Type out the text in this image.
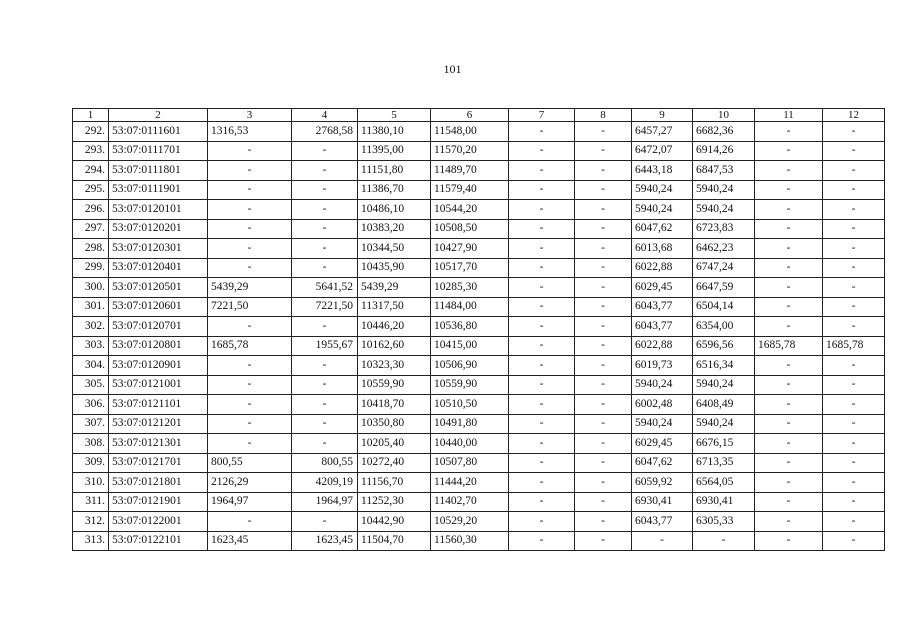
101
1	2	3	4	5	6	7	8	9	10	11	12
292.	53:07:0111601	1316,53	2768,58	11380,10	11548,00	-	-	6457,27	6682,36	-	-
293.	53:07:0111701	-	-	11395,00	11570,20	-	-	6472,07	6914,26	-	-
294.	53:07:0111801	-	-	11151,80	11489,70	-	-	6443,18	6847,53	-	-
295.	53:07:0111901	-	-	11386,70	11579,40	-	-	5940,24	5940,24	-	-
296.	53:07:0120101	-	-	10486,10	10544,20	-	-	5940,24	5940,24	-	-
297.	53:07:0120201	-	-	10383,20	10508,50	-	-	6047,62	6723,83	-	-
298.	53:07:0120301	-	-	10344,50	10427,90	-	-	6013,68	6462,23	-	-
299.	53:07:0120401	-	-	10435,90	10517,70	-	-	6022,88	6747,24	-	-
300.	53:07:0120501	5439,29	5641,52	5439,29	10285,30	-	-	6029,45	6647,59	-	-
301.	53:07:0120601	7221,50	7221,50	11317,50	11484,00	-	-	6043,77	6504,14	-	-
302.	53:07:0120701	-	-	10446,20	10536,80	-	-	6043,77	6354,00	-	-
303.	53:07:0120801	1685,78	1955,67	10162,60	10415,00	-	-	6022,88	6596,56	1685,78	1685,78
304.	53:07:0120901	-	-	10323,30	10506,90	-	-	6019,73	6516,34	-	-
305.	53:07:0121001	-	-	10559,90	10559,90	-	-	5940,24	5940,24	-	-
306.	53:07:0121101	-	-	10418,70	10510,50	-	-	6002,48	6408,49	-	-
307.	53:07:0121201	-	-	10350,80	10491,80	-	-	5940,24	5940,24	-	-
308.	53:07:0121301	-	-	10205,40	10440,00	-	-	6029,45	6676,15	-	-
309.	53:07:0121701	800,55	800,55	10272,40	10507,80	-	-	6047,62	6713,35	-	-
310.	53:07:0121801	2126,29	4209,19	11156,70	11444,20	-	-	6059,92	6564,05	-	-
311.	53:07:0121901	1964,97	1964,97	11252,30	11402,70	-	-	6930,41	6930,41	-	-
312.	53:07:0122001	-	-	10442,90	10529,20	-	-	6043,77	6305,33	-	-
313.	53:07:0122101	1623,45	1623,45	11504,70	11560,30	-	-	-	-	-	-
